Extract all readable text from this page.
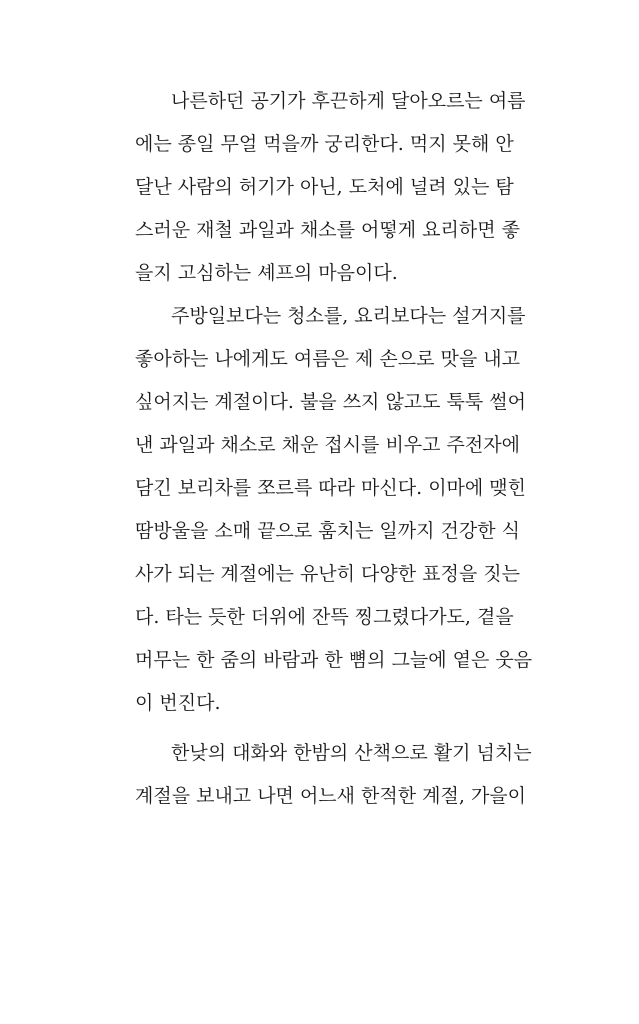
나른하던 공기가 후끈하게 달아오르는 여름
에는 종일 무얼 먹을까 궁리한다. 먹지 못해 안
달난 사람의 허기가 아닌, 도처에 널려 있는 탐
스러운 재철 과일과 채소를 어떻게 요리하면 좋
을지 고심하는 셰프의 마음이다.
주방일보다는 청소를, 요리보다는 설거지를
좋아하는 나에게도 여름은 제 손으로 맛을 내고
싶어지는 계절이다. 불을 쓰지 않고도 툭툭 썰어
낸 과일과 채소로 채운 접시를 비우고 주전자에
담긴 보리차를 쪼르륵 따라 마신다. 이마에 맺힌
땀방울을 소매 끝으로 훔치는 일까지 건강한 식
사가 되는 계절에는 유난히 다양한 표정을 짓는
다. 타는 듯한 더위에 잔뜩 찡그렸다가도, 곁을
머무는 한 줌의 바람과 한 뼘의 그늘에 옅은 웃음
이 번진다.
한낮의 대화와 한밤의 산책으로 활기 넘치는
계절을 보내고 나면 어느새 한적한 계절, 가을이
